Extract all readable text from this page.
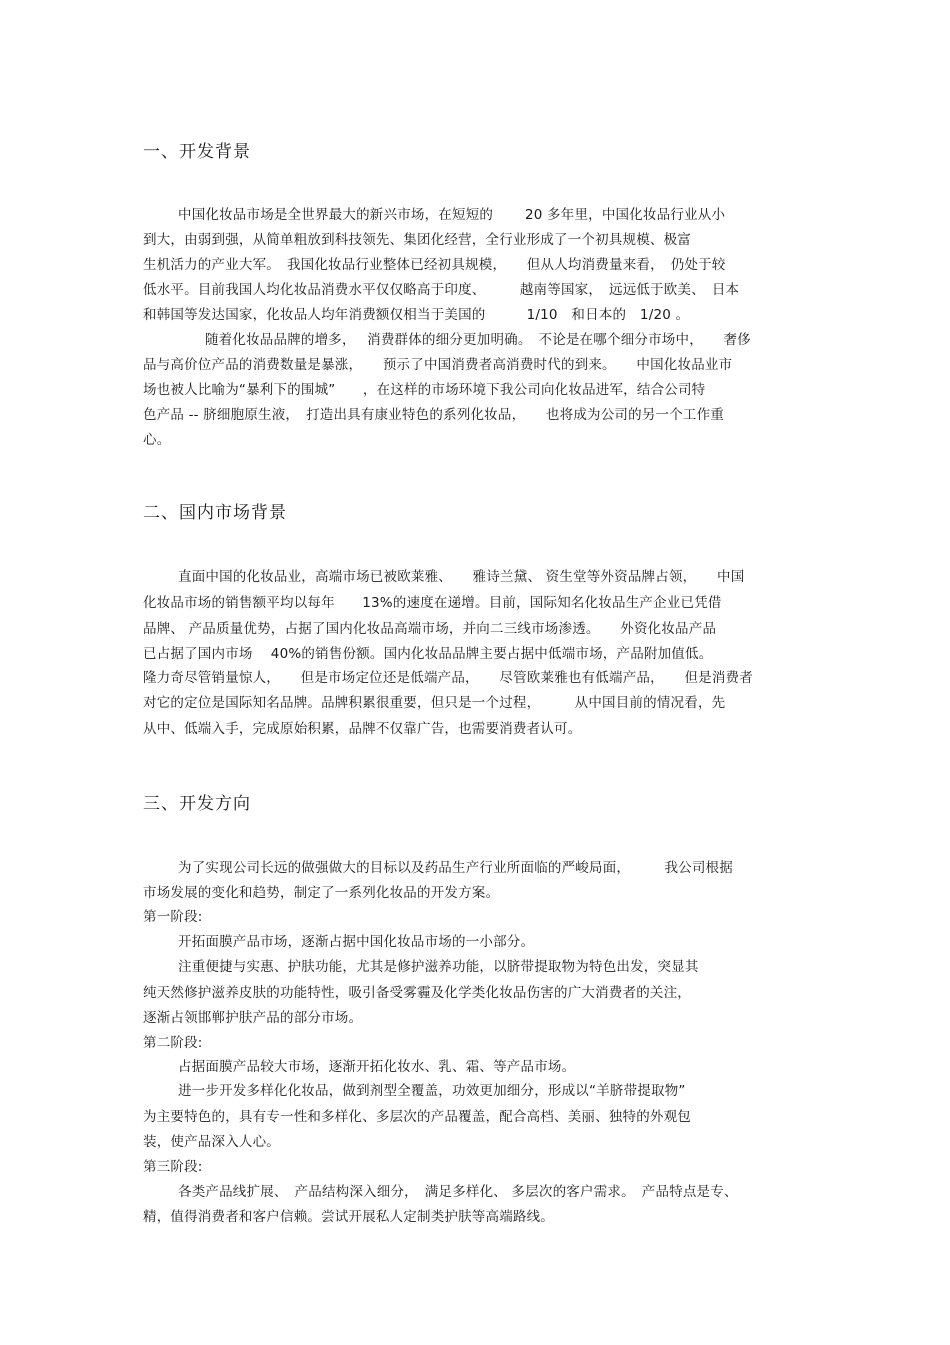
一、开发背景

中国化妆品市场是全世界最大的新兴市场，在短短的　　 20 多年里，中国化妆品行业从小

到大，由弱到强，从简单粗放到科技领先、集团化经营，全行业形成了一个初具规模、极富

生机活力的产业大军。　我国化妆品行业整体已经初具规模，　　但从人均消费量来看，　仍处于较

低水平。目前我国人均化妆品消费水平仅仅略高于印度、　　　越南等国家，　远远低于欧美、　日本

和韩国等发达国家，化妆品人均年消费额仅相当于美国的　　　1/10　和日本的　1/20 。

随着化妆品品牌的增多，　 消费群体的细分更加明确。　不论是在哪个细分市场中，　　奢侈

品与高价位产品的消费数量是暴涨，　　预示了中国消费者高消费时代的到来。　　中国化妆品业市

场也被人比喻为“暴利下的围城”　　，在这样的市场环境下我公司向化妆品进军，结合公司特

色产品 -- 脐细胞原生液，　打造出具有康业特色的系列化妆品，　　也将成为公司的另一个工作重

心。

二、国内市场背景

直面中国的化妆品业，高端市场已被欧莱雅、　　雅诗兰黛、 资生堂等外资品牌占领，　　中国

化妆品市场的销售额平均以每年　　13%的速度在递增。目前，国际知名化妆品生产企业已凭借

品牌、 产品质量优势，占据了国内化妆品高端市场，并向二三线市场渗透。　　外资化妆品产品

已占据了国内市场　 40%的销售份额。国内化妆品品牌主要占据中低端市场，产品附加值低。

隆力奇尽管销量惊人，　　但是市场定位还是低端产品，　　尽管欧莱雅也有低端产品，　　但是消费者

对它的定位是国际知名品牌。品牌积累很重要，但只是一个过程，　　　从中国目前的情况看，先

从中、低端入手，完成原始积累，品牌不仅靠广告，也需要消费者认可。

三、开发方向

为了实现公司长远的做强做大的目标以及药品生产行业所面临的严峻局面，　　　我公司根据

市场发展的变化和趋势，制定了一系列化妆品的开发方案。

第一阶段:

开拓面膜产品市场，逐渐占据中国化妆品市场的一小部分。

注重便捷与实惠、护肤功能，尤其是修护滋养功能，以脐带提取物为特色出发，突显其

纯天然修护滋养皮肤的功能特性，吸引备受雾霾及化学类化妆品伤害的广大消费者的关注，

逐渐占领邯郸护肤产品的部分市场。

第二阶段:

占据面膜产品较大市场，逐渐开拓化妆水、乳、霜、等产品市场。

进一步开发多样化化妆品，做到剂型全覆盖，功效更加细分，形成以“羊脐带提取物”

为主要特色的，具有专一性和多样化、多层次的产品覆盖，配合高档、美丽、独特的外观包

装，使产品深入人心。

第三阶段:

各类产品线扩展、　产品结构深入细分，　满足多样化、 多层次的客户需求。　产品特点是专、

精，值得消费者和客户信赖。尝试开展私人定制类护肤等高端路线。
